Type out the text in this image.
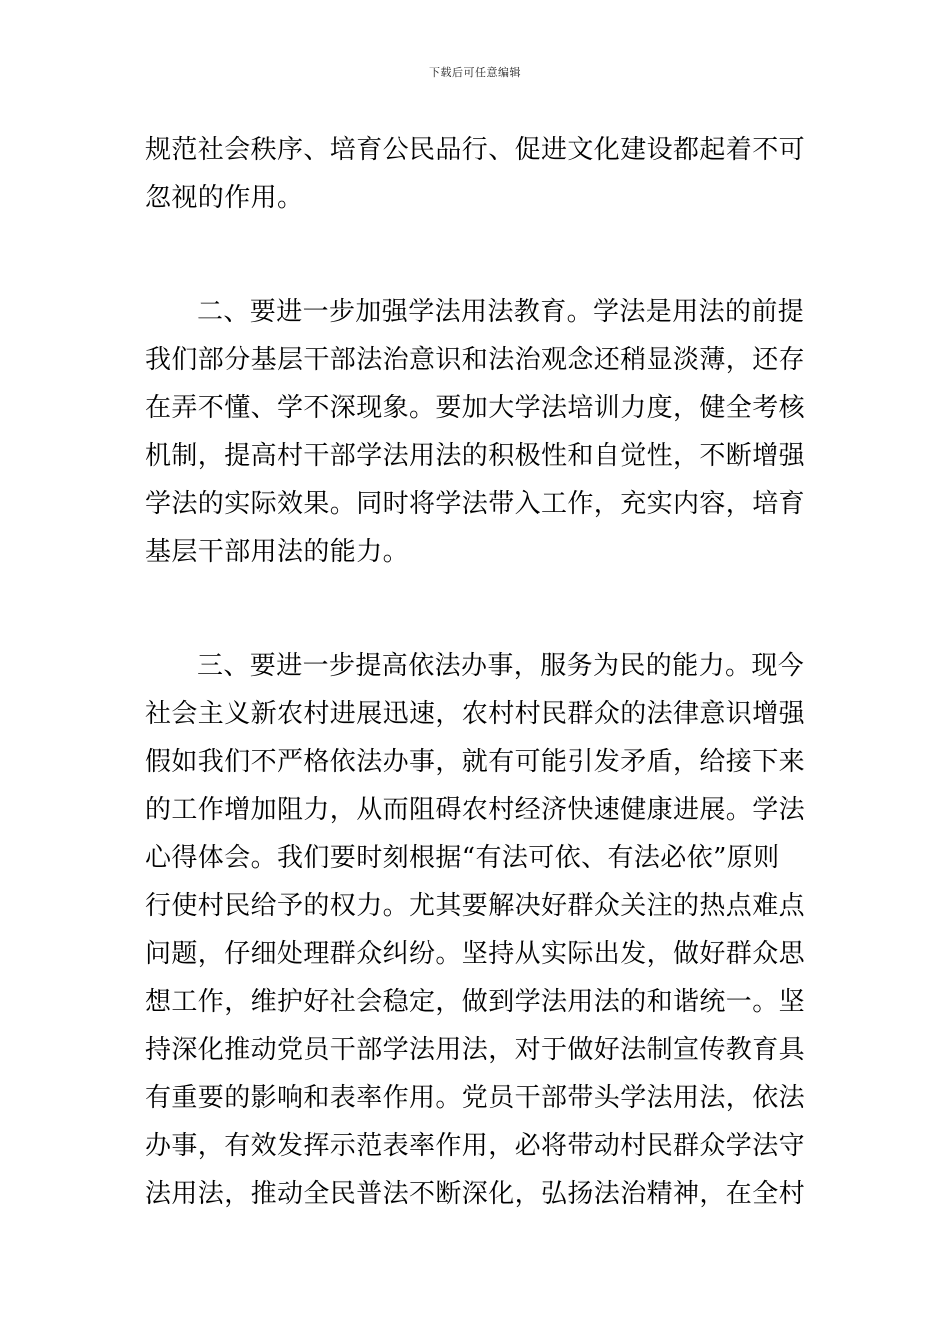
下载后可任意编辑
规范社会秩序、培育公民品行、促进文化建设都起着不可
忽视的作用。
二、要进一步加强学法用法教育。学法是用法的前提
我们部分基层干部法治意识和法治观念还稍显淡薄，还存
在弄不懂、学不深现象。要加大学法培训力度，健全考核
机制，提高村干部学法用法的积极性和自觉性，不断增强
学法的实际效果。同时将学法带入工作，充实内容，培育
基层干部用法的能力。
三、要进一步提高依法办事，服务为民的能力。现今
社会主义新农村进展迅速，农村村民群众的法律意识增强
假如我们不严格依法办事，就有可能引发矛盾，给接下来
的工作增加阻力，从而阻碍农村经济快速健康进展。学法
心得体会。我们要时刻根据“有法可依、有法必依”原则
行使村民给予的权力。尤其要解决好群众关注的热点难点
问题，仔细处理群众纠纷。坚持从实际出发，做好群众思
想工作，维护好社会稳定，做到学法用法的和谐统一。坚
持深化推动党员干部学法用法，对于做好法制宣传教育具
有重要的影响和表率作用。党员干部带头学法用法，依法
办事，有效发挥示范表率作用，必将带动村民群众学法守
法用法，推动全民普法不断深化，弘扬法治精神，在全村
